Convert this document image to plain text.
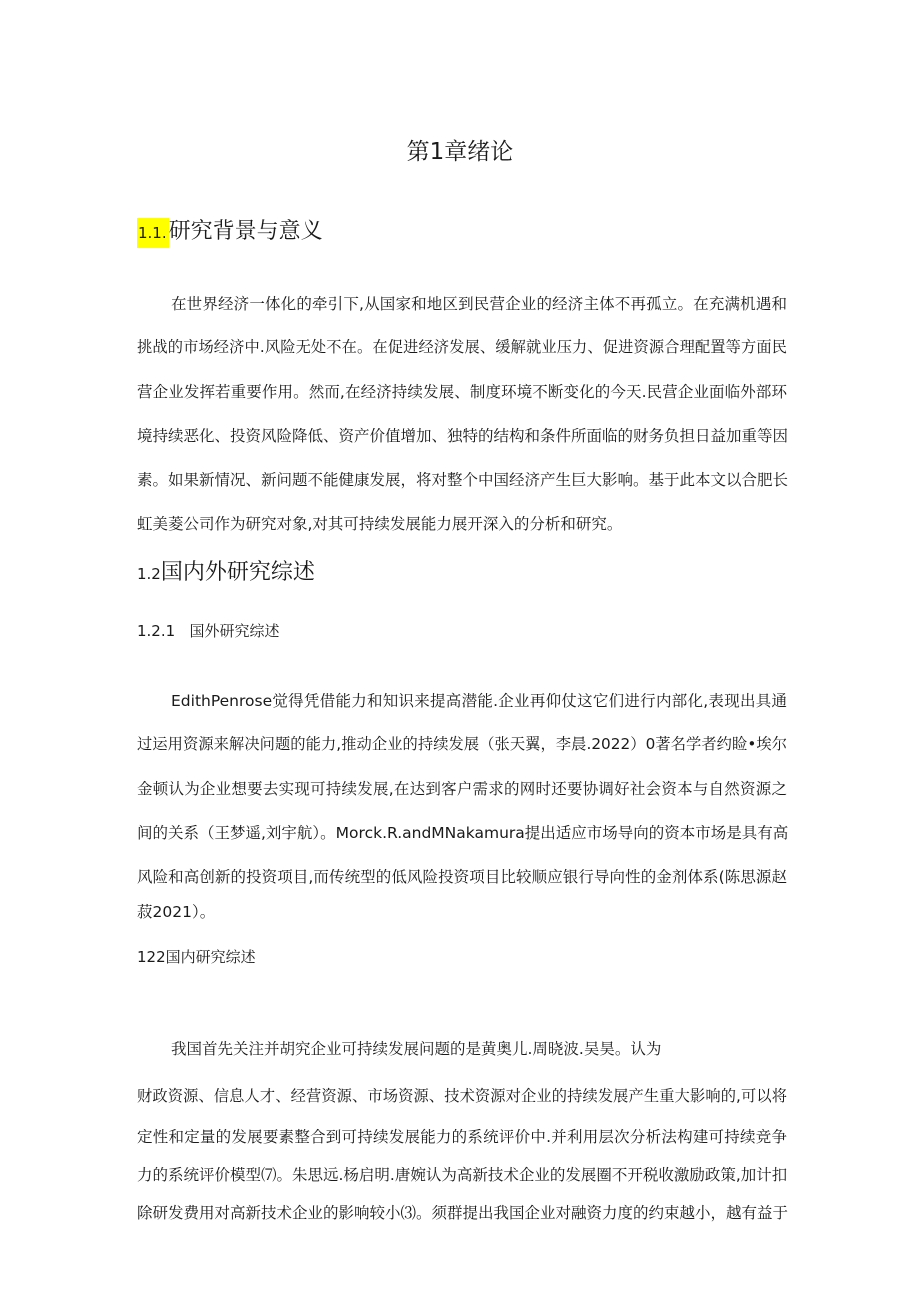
第1章绪论
1.1.研究背景与意义

在世界经济一体化的牵引下,从国家和地区到民营企业的经济主体不再孤立。在充满机遇和

挑战的市场经济中.风险无处不在。在促进经济发展、缓解就业压力、促进资源合理配置等方面民

营企业发挥若重要作用。然而,在经济持续发展、制度环境不断变化的今天.民营企业面临外部环

境持续恶化、投资风险降低、资产价值增加、独特的结构和条件所面临的财务负担日益加重等因

素。如果新情况、新问题不能健康发展，将对整个中国经济产生巨大影响。基于此本文以合肥长

虹美菱公司作为研究对象,对其可持续发展能力展开深入的分析和研究。

1.2国内外研究综述
1.2.1   国外研究综述

EdithPenrose觉得凭借能力和知识来提高潜能.企业再仰仗这它们进行内部化,表现出具通

过运用资源来解决问题的能力,推动企业的持续发展（张天翼，李晨.2022）0著名学者约睑•埃尔

金顿认为企业想要去实现可持续发展,在达到客户需求的网时还要协调好社会资本与自然资源之

间的关系（王梦遥,刘宇航）。Morck.R.andMNakamura提出适应市场导向的资本市场是具有高

风险和高创新的投资项目,而传统型的低风险投资项目比较顺应银行导向性的金剂体系(陈思源赵

菽2021）。

122国内研究综述

我国首先关注并胡究企业可持续发展问题的是黄奥儿.周晓波.吴昊。认为

财政资源、信息人才、经营资源、市场资源、技术资源对企业的持续发展产生重大影响的,可以将

定性和定量的发展要素整合到可持续发展能力的系统评价中.并利用层次分析法构建可持续竞争

力的系统评价模型⑺。朱思远.杨启明.唐婉认为高新技术企业的发展圈不开税收激励政策,加计扣

除研发费用对高新技术企业的影响较小⑶。须群提出我国企业对融资力度的约束越小，越有益于
